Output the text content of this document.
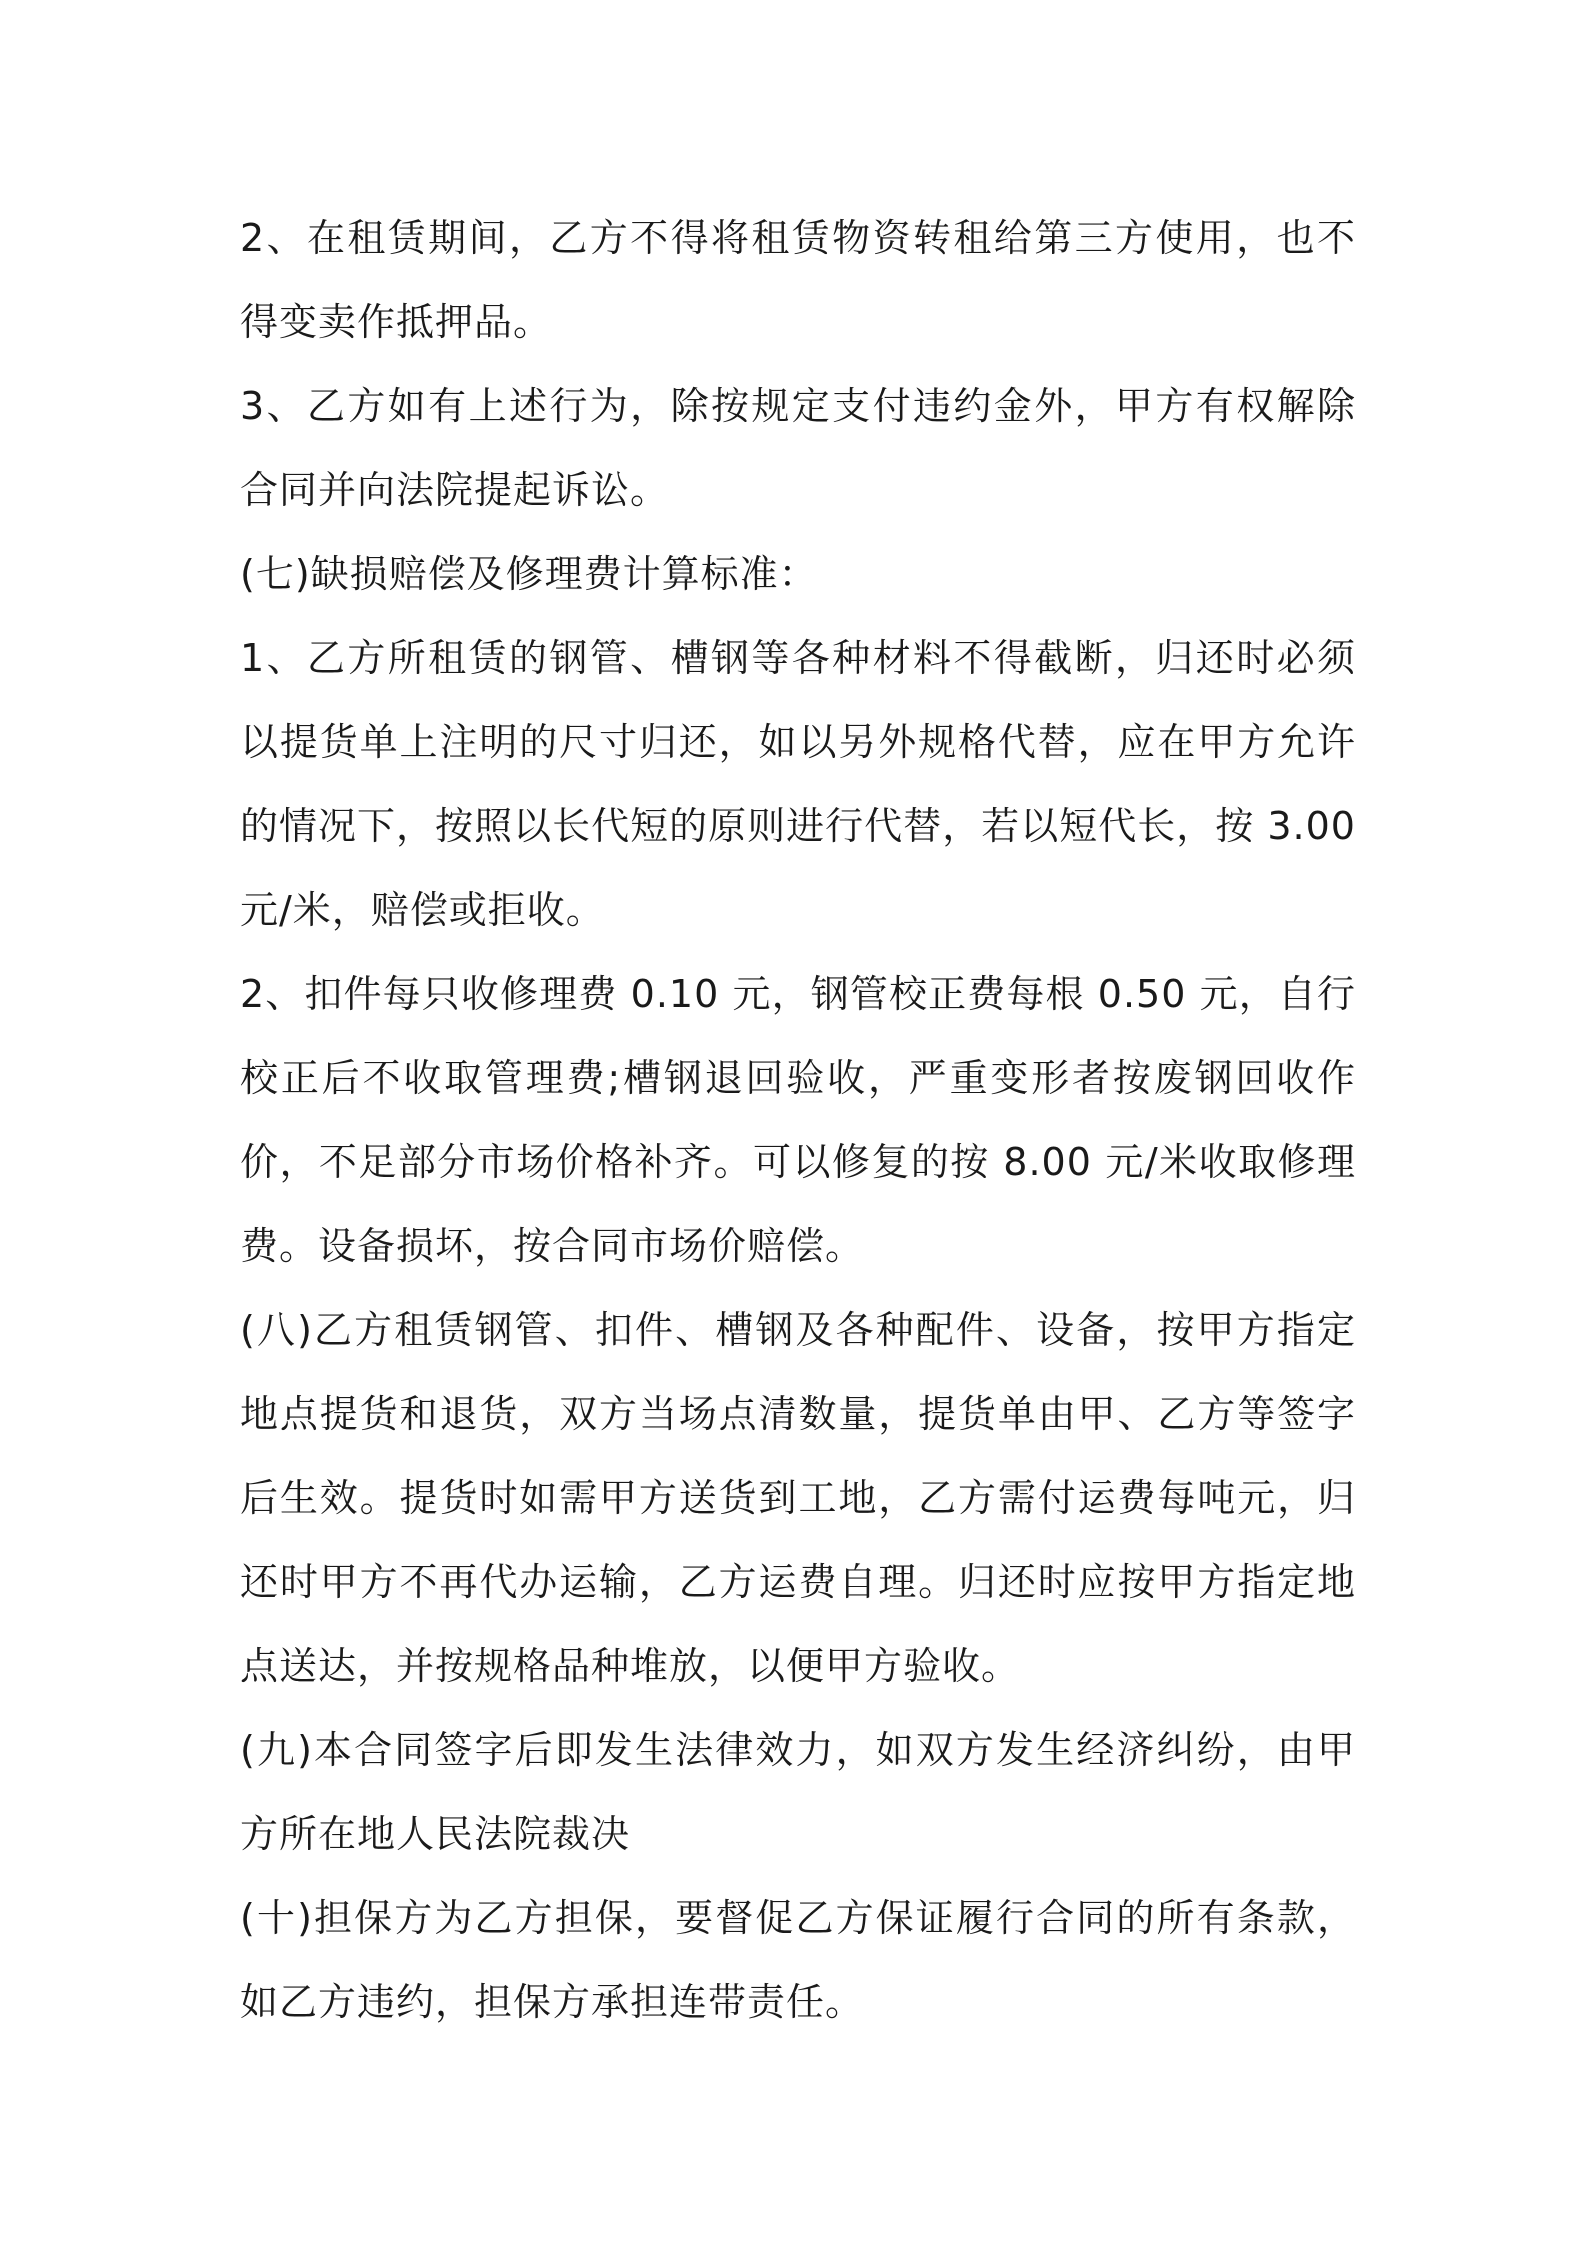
2、在租赁期间，乙方不得将租赁物资转租给第三方使用，也不得变卖作抵押品。

3、乙方如有上述行为，除按规定支付违约金外，甲方有权解除合同并向法院提起诉讼。

(七)缺损赔偿及修理费计算标准：

1、乙方所租赁的钢管、槽钢等各种材料不得截断，归还时必须以提货单上注明的尺寸归还，如以另外规格代替，应在甲方允许的情况下，按照以长代短的原则进行代替，若以短代长，按 3.00 元/米，赔偿或拒收。

2、扣件每只收修理费 0.10 元，钢管校正费每根 0.50 元，自行校正后不收取管理费;槽钢退回验收，严重变形者按废钢回收作价，不足部分市场价格补齐。可以修复的按 8.00 元/米收取修理费。设备损坏，按合同市场价赔偿。

(八)乙方租赁钢管、扣件、槽钢及各种配件、设备，按甲方指定地点提货和退货，双方当场点清数量，提货单由甲、乙方等签字后生效。提货时如需甲方送货到工地，乙方需付运费每吨元，归还时甲方不再代办运输，乙方运费自理。归还时应按甲方指定地点送达，并按规格品种堆放，以便甲方验收。

(九)本合同签字后即发生法律效力，如双方发生经济纠纷，由甲方所在地人民法院裁决

(十)担保方为乙方担保，要督促乙方保证履行合同的所有条款，如乙方违约，担保方承担连带责任。
